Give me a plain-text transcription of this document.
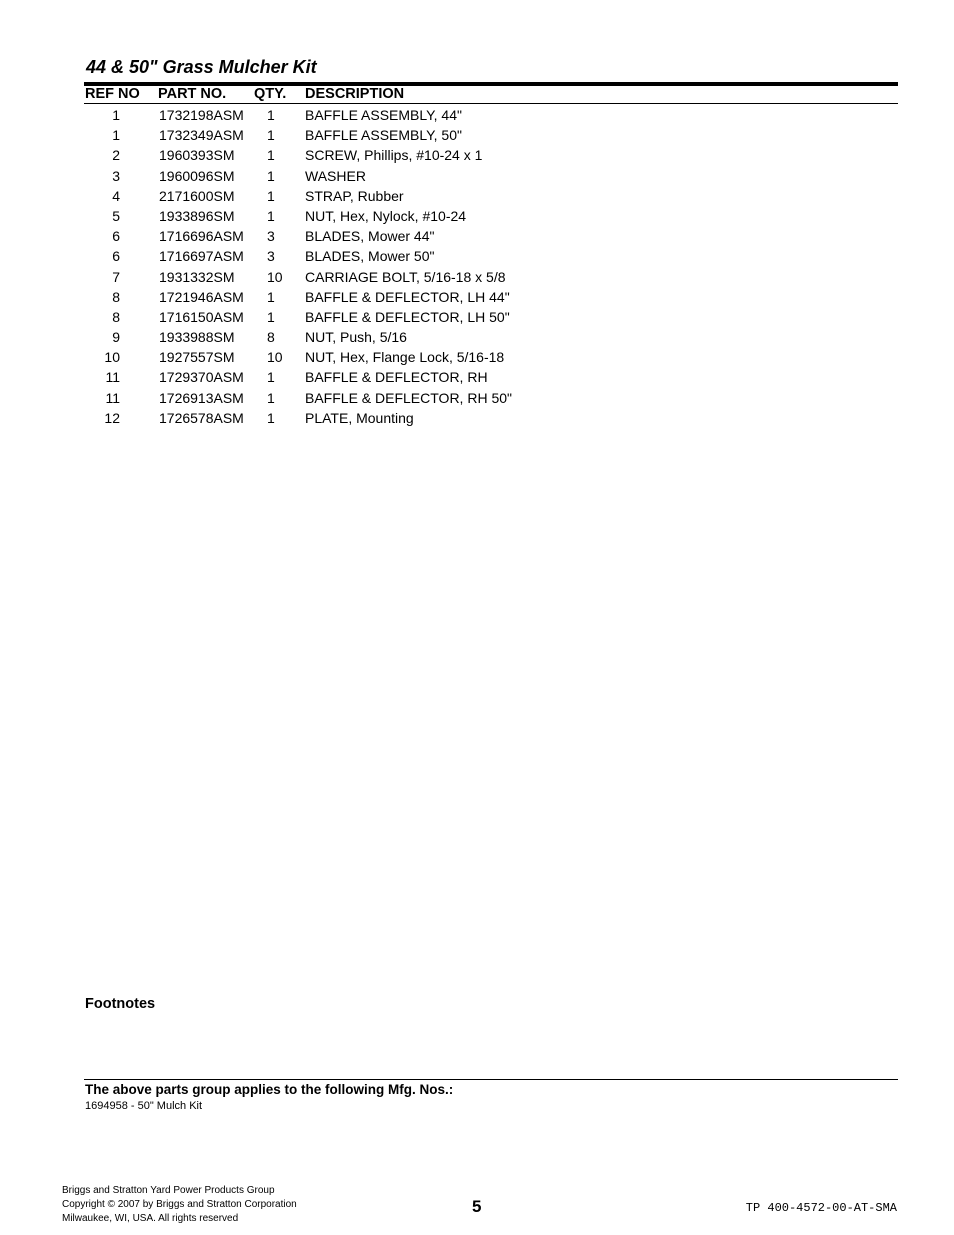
44 & 50" Grass Mulcher Kit
REF NO PART NO. QTY. DESCRIPTION
1	1732198ASM 1 BAFFLE ASSEMBLY, 44"
1	1732349ASM 1 BAFFLE ASSEMBLY, 50"
2	1960393SM 1 SCREW, Phillips, #10-24 x 1
3	1960096SM 1 WASHER
4	2171600SM 1 STRAP, Rubber
5	1933896SM 1 NUT, Hex, Nylock, #10-24
6	1716696ASM 3 BLADES, Mower 44"
6	1716697ASM 3 BLADES, Mower 50"
7	1931332SM 10 CARRIAGE BOLT, 5/16-18 x 5/8
8	1721946ASM 1 BAFFLE & DEFLECTOR, LH 44"
8	1716150ASM 1 BAFFLE & DEFLECTOR, LH 50"
9	1933988SM 8 NUT, Push, 5/16
10	1927557SM 10 NUT, Hex, Flange Lock, 5/16-18
11	1729370ASM 1 BAFFLE & DEFLECTOR, RH
11	1726913ASM 1 BAFFLE & DEFLECTOR, RH 50"
12	1726578ASM 1 PLATE, Mounting
Footnotes
The above parts group applies to the following Mfg. Nos.:
1694958 - 50" Mulch Kit
Briggs and Stratton Yard Power Products Group
Copyright © 2007 by Briggs and Stratton Corporation
Milwaukee, WI, USA. All rights reserved
5	TP 400-4572-00-AT-SMA
